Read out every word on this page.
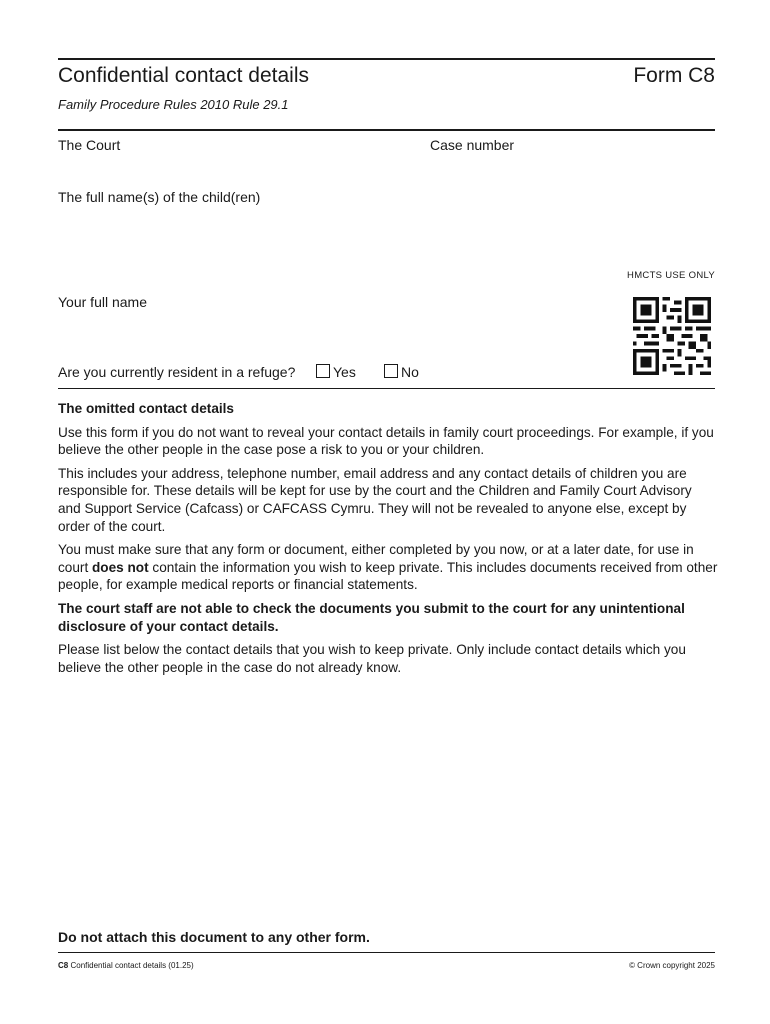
Confidential contact details	Form C8
Family Procedure Rules 2010 Rule 29.1
The Court	Case number
The full name(s) of the child(ren)
HMCTS USE ONLY
Your full name
Are you currently resident in a refuge?	Yes	No
The omitted contact details

Use this form if you do not want to reveal your contact details in family court proceedings. For example, if you believe the other people in the case pose a risk to you or your children.

This includes your address, telephone number, email address and any contact details of children you are responsible for. These details will be kept for use by the court and the Children and Family Court Advisory and Support Service (Cafcass) or CAFCASS Cymru. They will not be revealed to anyone else, except by order of the court.

You must make sure that any form or document, either completed by you now, or at a later date, for use in court does not contain the information you wish to keep private. This includes documents received from other people, for example medical reports or financial statements.

The court staff are not able to check the documents you submit to the court for any unintentional disclosure of your contact details.

Please list below the contact details that you wish to keep private. Only include contact details which you believe the other people in the case do not already know.

Do not attach this document to any other form.
C8 Confidential contact details (01.25)	© Crown copyright 2025
